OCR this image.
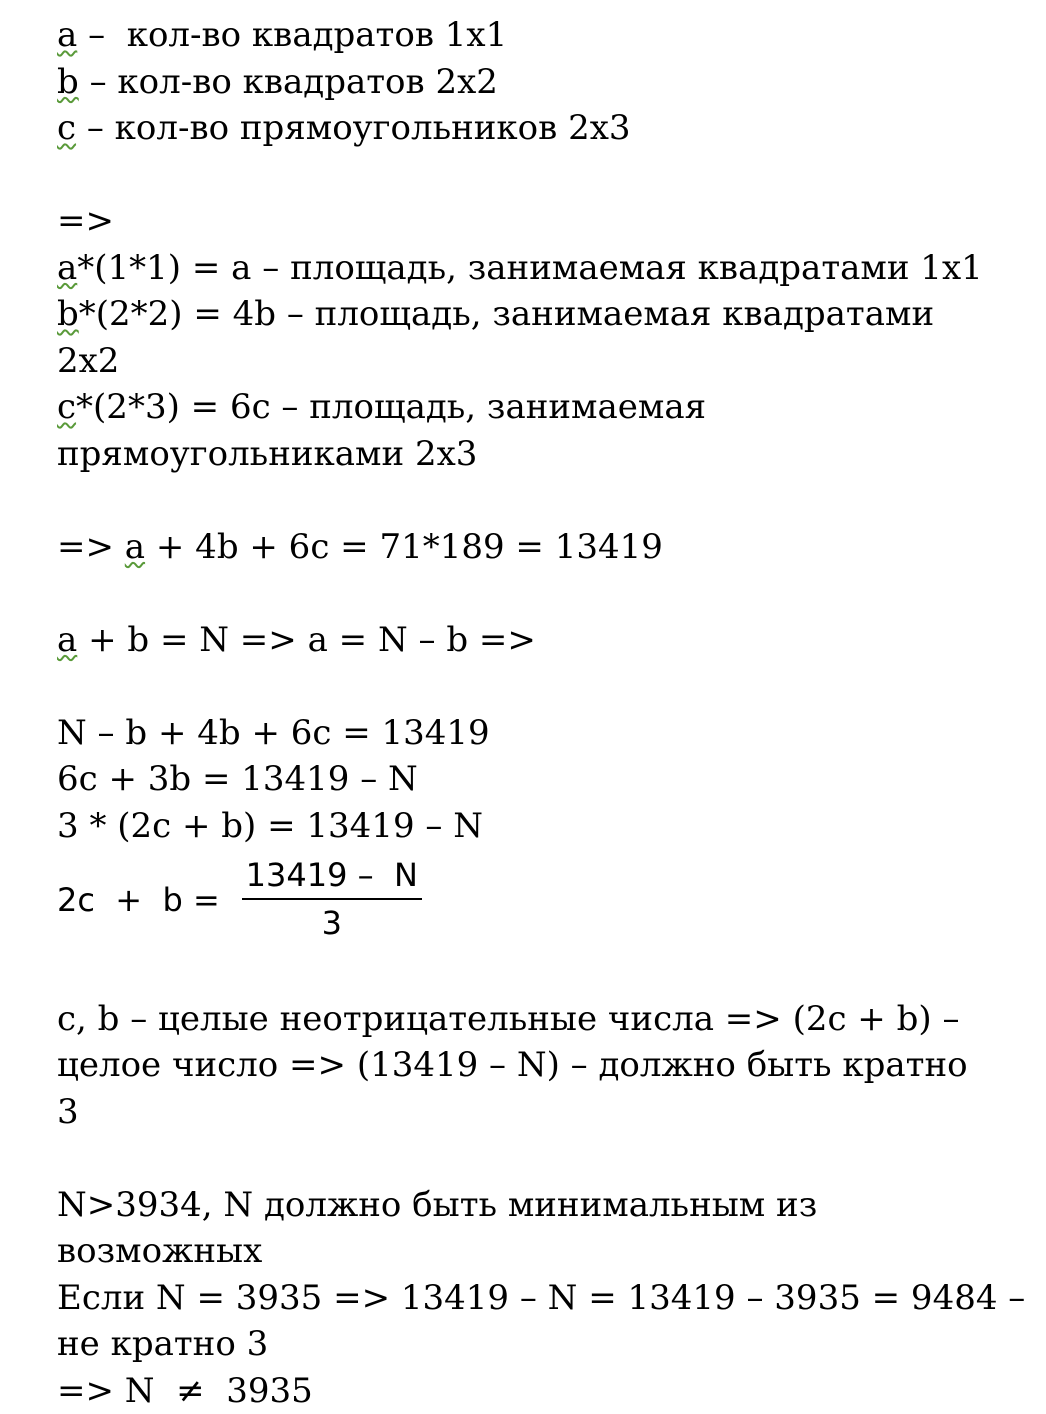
a –  кол-во квадратов 1х1
b – кол-во квадратов 2х2
c – кол-во прямоугольников 2х3
=>
a*(1*1) = a – площадь, занимаемая квадратами 1х1
b*(2*2) = 4b – площадь, занимаемая квадратами
2х2
c*(2*3) = 6c – площадь, занимаемая
прямоугольниками 2х3
=> a + 4b + 6c = 71*189 = 13419
a + b = N => a = N – b =>
N – b + 4b + 6c = 13419
6c + 3b = 13419 – N
3 * (2c + b) = 13419 – N
$2c + b = \frac{13419 - N}{3}$
c, b – целые неотрицательные числа => (2c + b) –
целое число => (13419 – N) – должно быть кратно
3
N>3934, N должно быть минимальным из
возможных
Если N = 3935 => 13419 – N = 13419 – 3935 = 9484 –
не кратно 3
=> N  ≠  3935
